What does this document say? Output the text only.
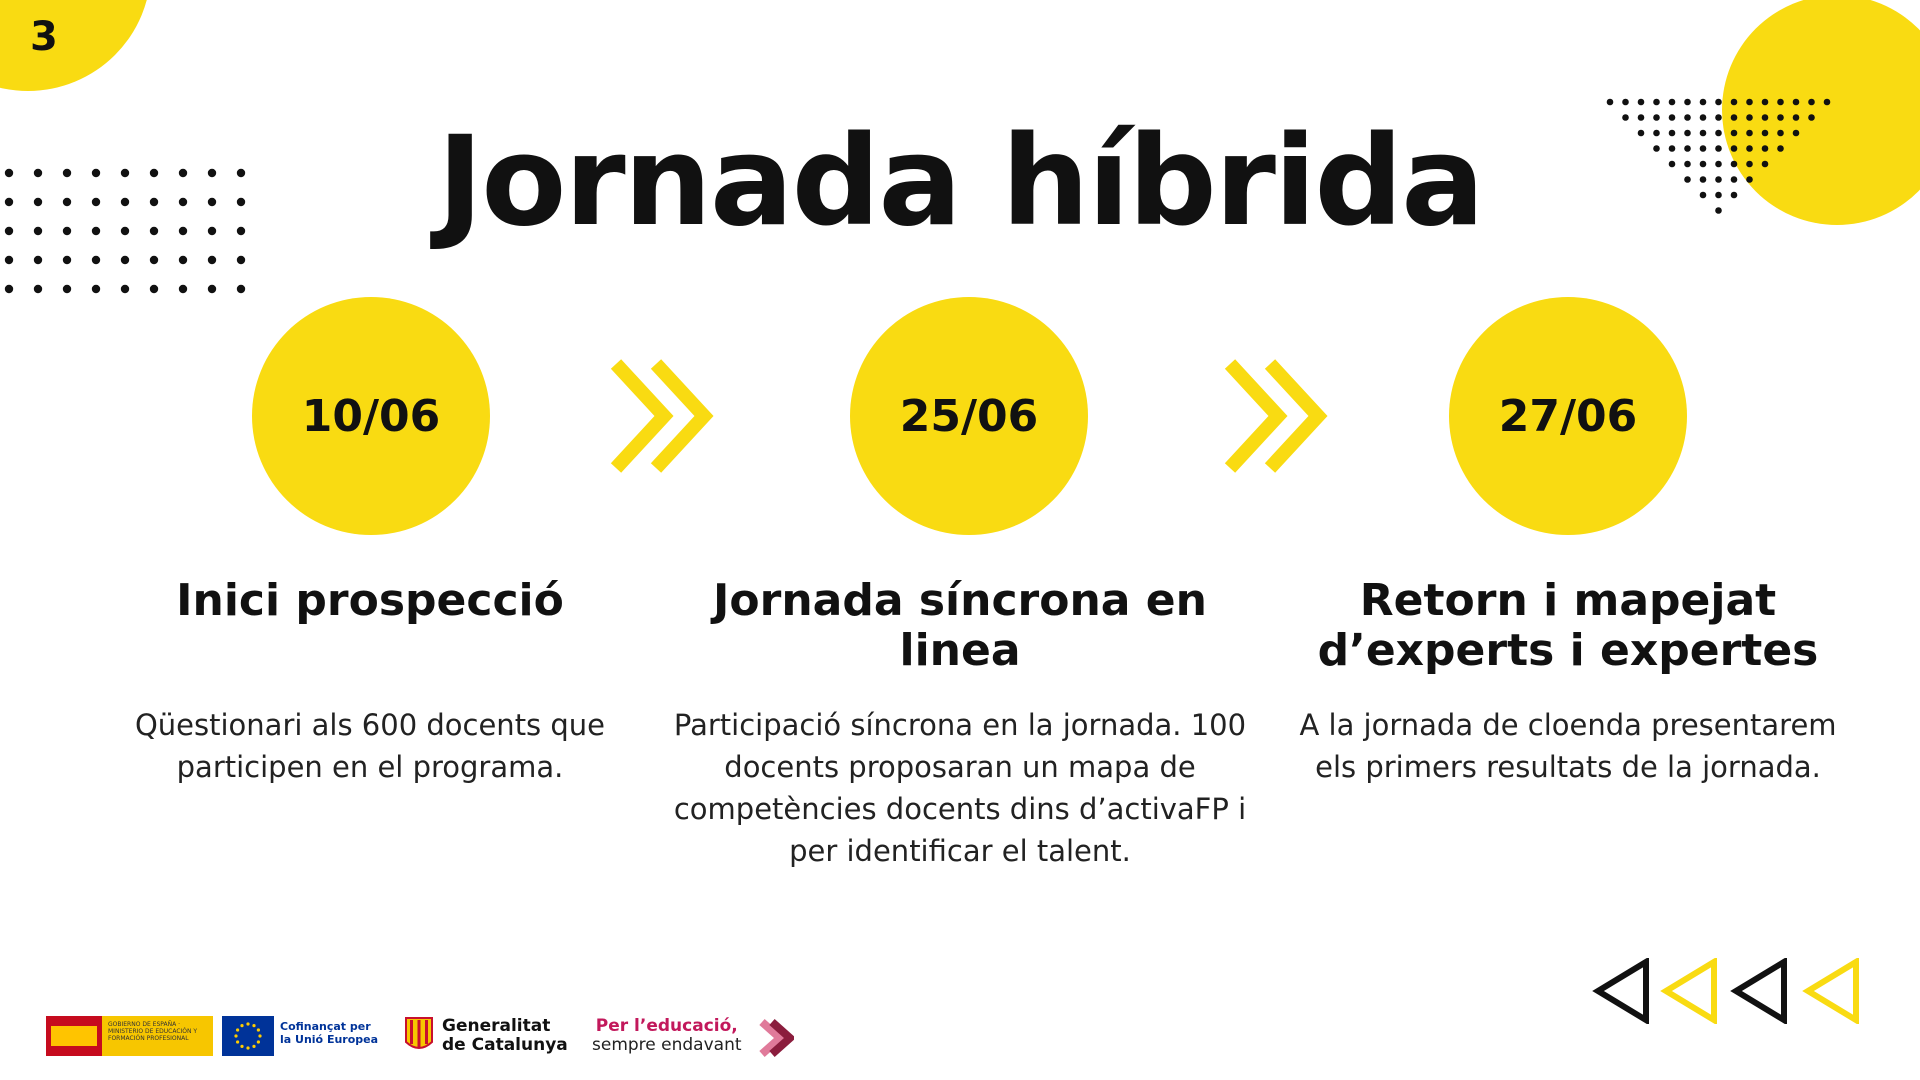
3
Jornada híbrida
10/06	25/06	27/06
Inici prospecció	Jornada síncrona en linea
Retorn i mapejat d’experts i expertes
Qüestionari als 600 docents que participen en el programa.
Participació síncrona en la jornada. 100 docents proposaran un mapa de competències docents dins d’activaFP i per identificar el talent.
A la jornada de cloenda presentarem els primers resultats de la jornada.
GOBIERNO DE ESPAÑA · MINISTERIO DE EDUCACIÓN Y FORMACIÓN PROFESIONAL
Cofinançat per
la Unió Europea
Generalitat
de Catalunya
Per l’educació,
sempre endavant
